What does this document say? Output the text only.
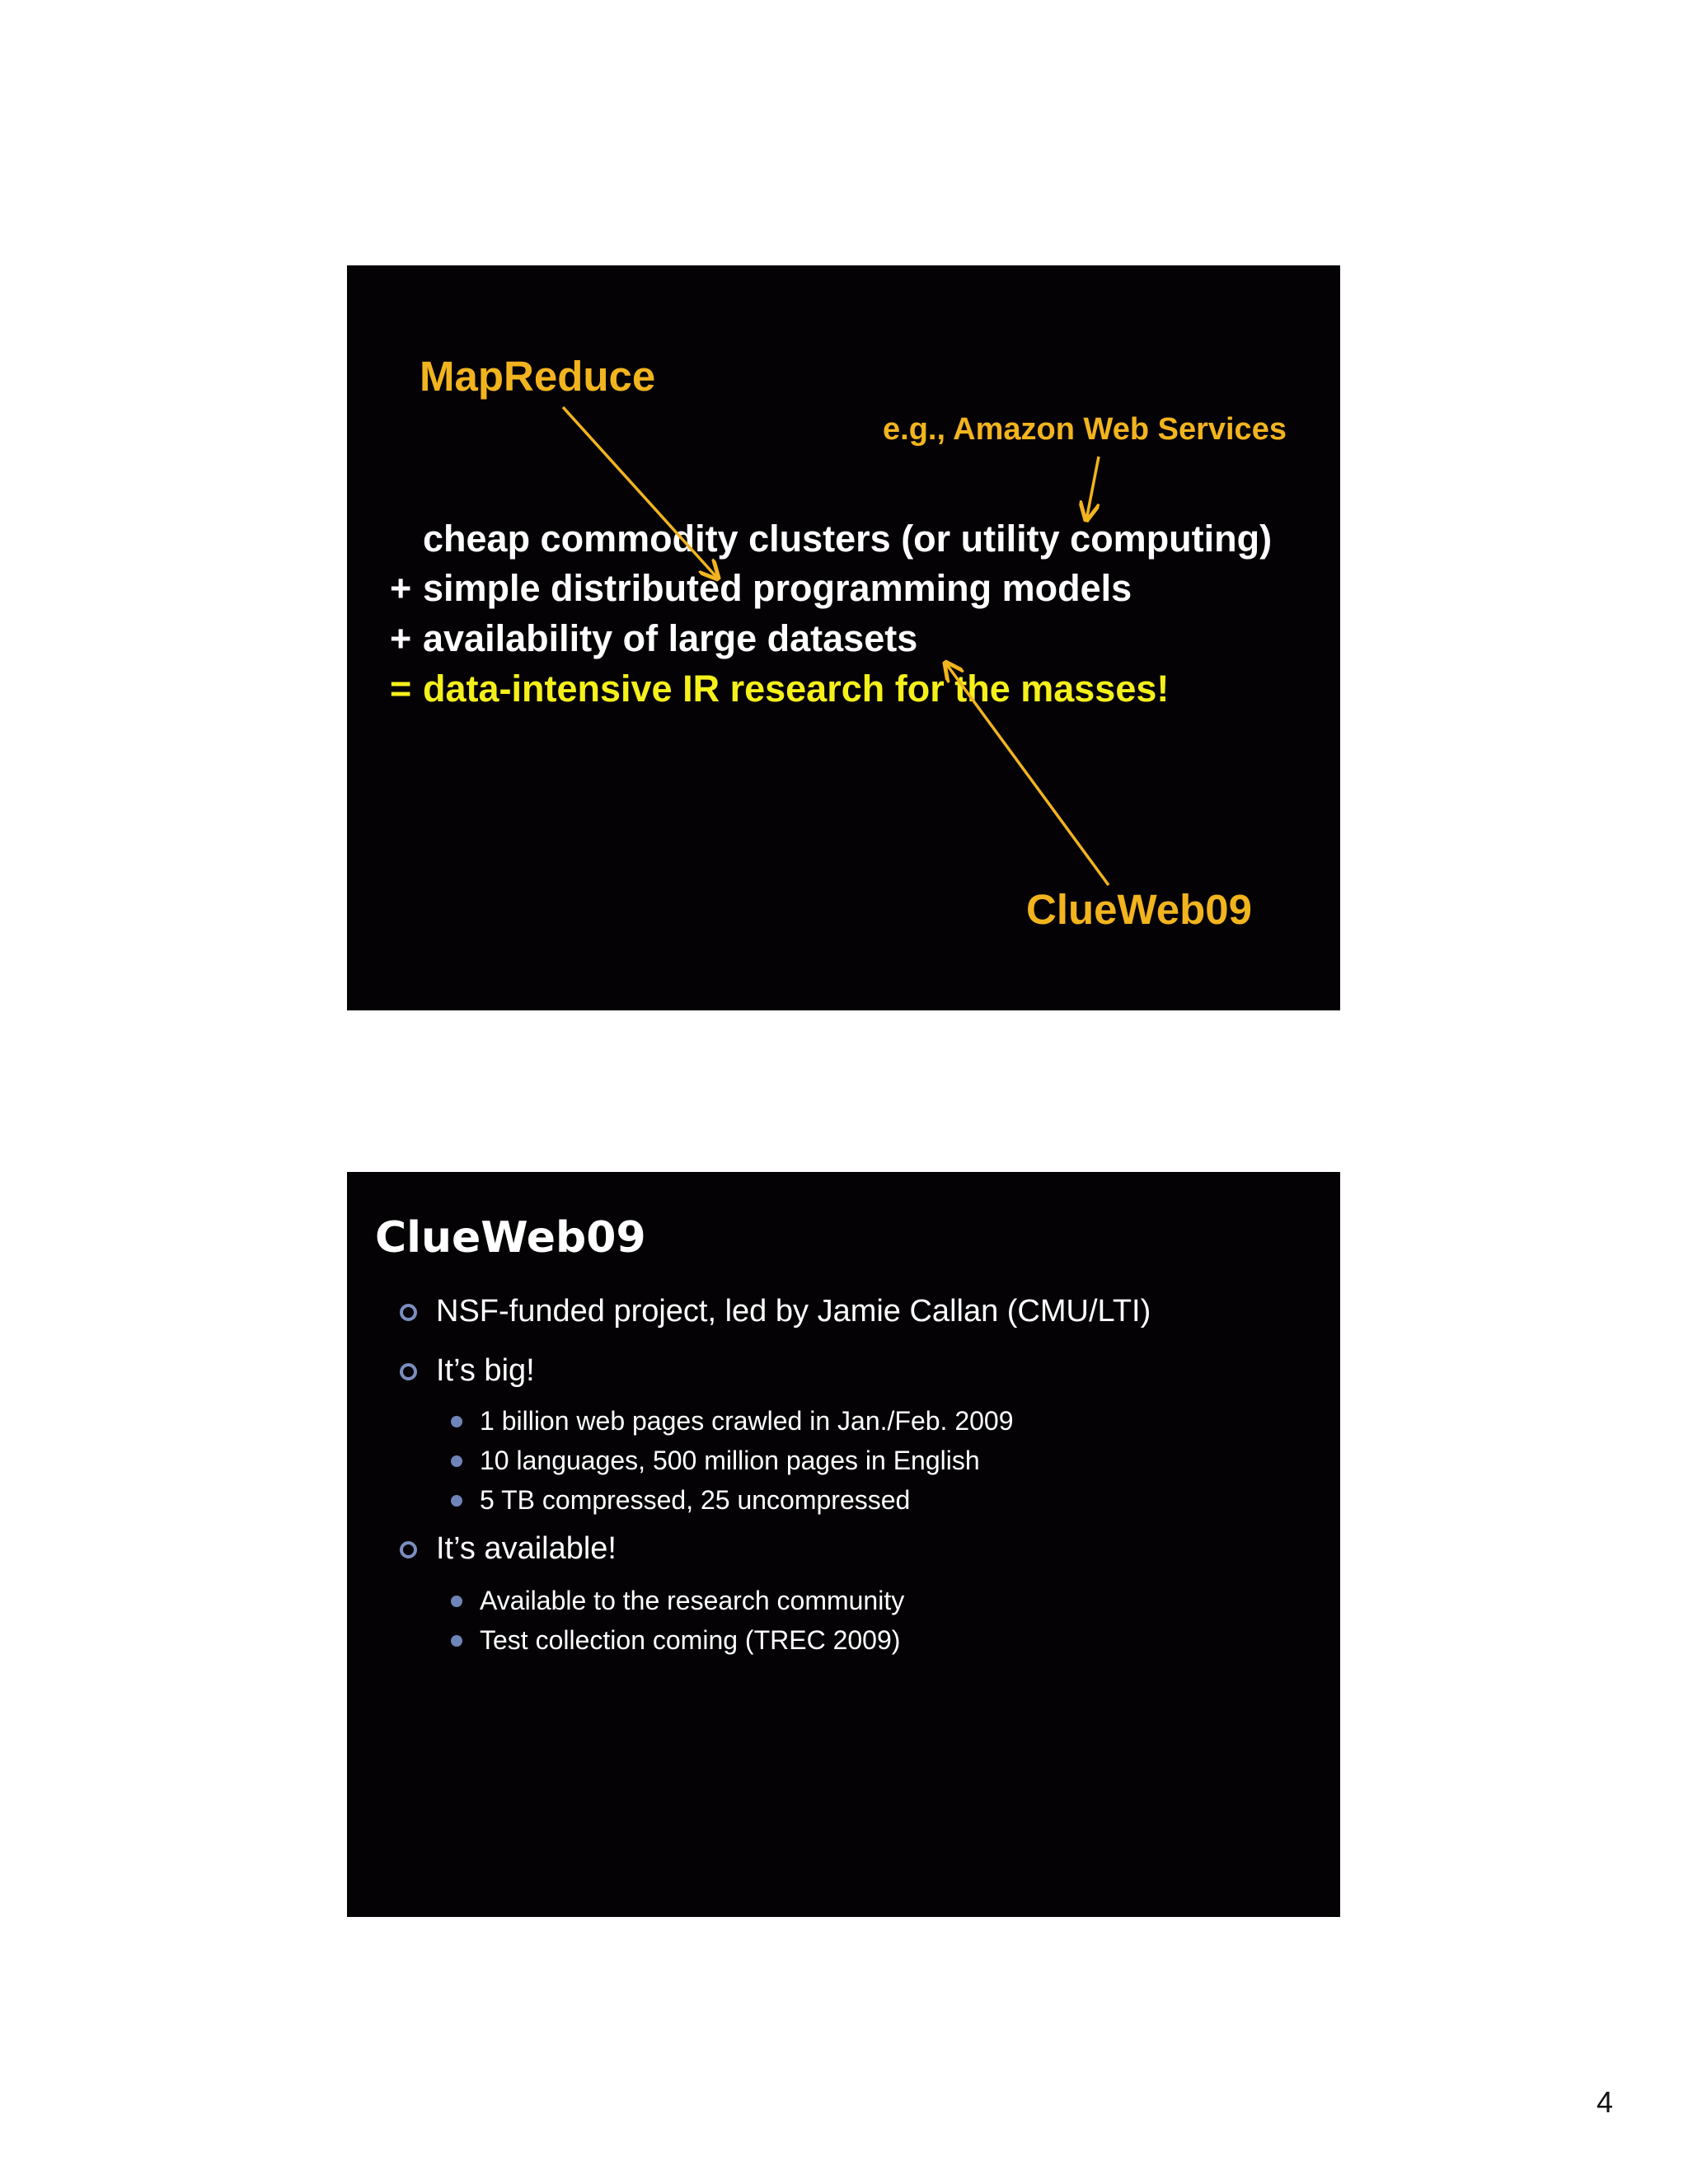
MapReduce

e.g., Amazon Web Services

cheap commodity clusters (or utility computing)
+ simple distributed programming models
+ availability of large datasets
= data-intensive IR research for the masses!

ClueWeb09

ClueWeb09
NSF-funded project, led by Jamie Callan (CMU/LTI)
It’s big!
1 billion web pages crawled in Jan./Feb. 2009
10 languages, 500 million pages in English
5 TB compressed, 25 uncompressed
It’s available!
Available to the research community
Test collection coming (TREC 2009)

4
